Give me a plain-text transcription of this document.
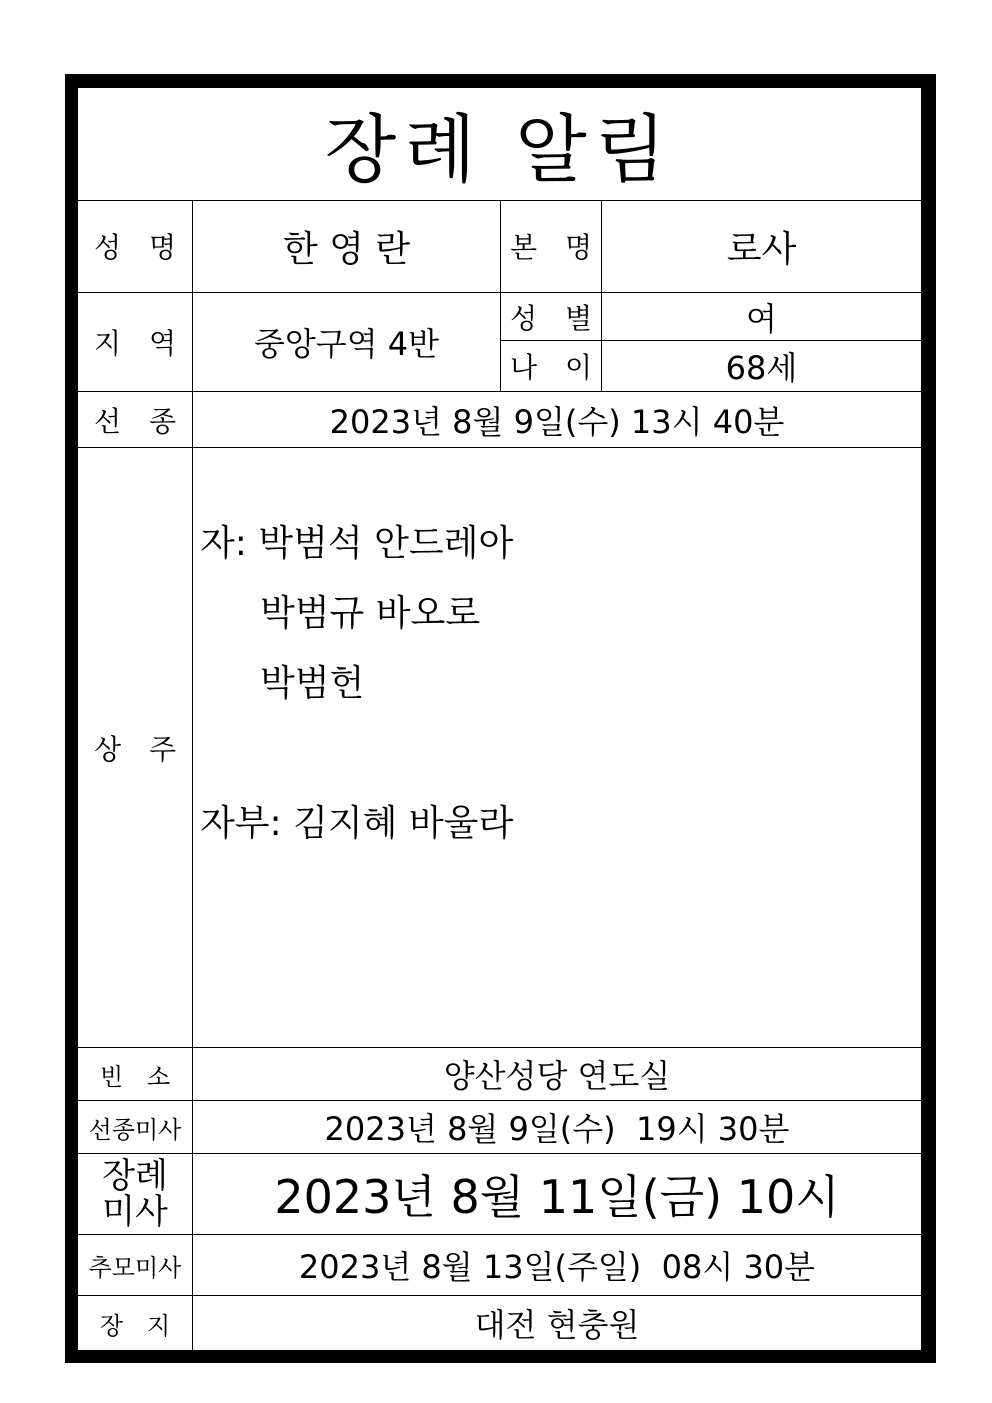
장례 알림
성　명	한 영 란	본　명	로사
지　역	중앙구역 4반
성　별	여
나　이	68세
선　종	2023년 8월 9일(수) 13시 40분
상　주
자: 박범석 안드레아
박범규 바오로
박범헌
자부: 김지혜 바울라
빈　소	양산성당 연도실
선종미사	2023년 8월 9일(수)  19시 30분
장례
미사	2023년 8월 11일(금) 10시
추모미사	2023년 8월 13일(주일)  08시 30분
장　지	대전 현충원
